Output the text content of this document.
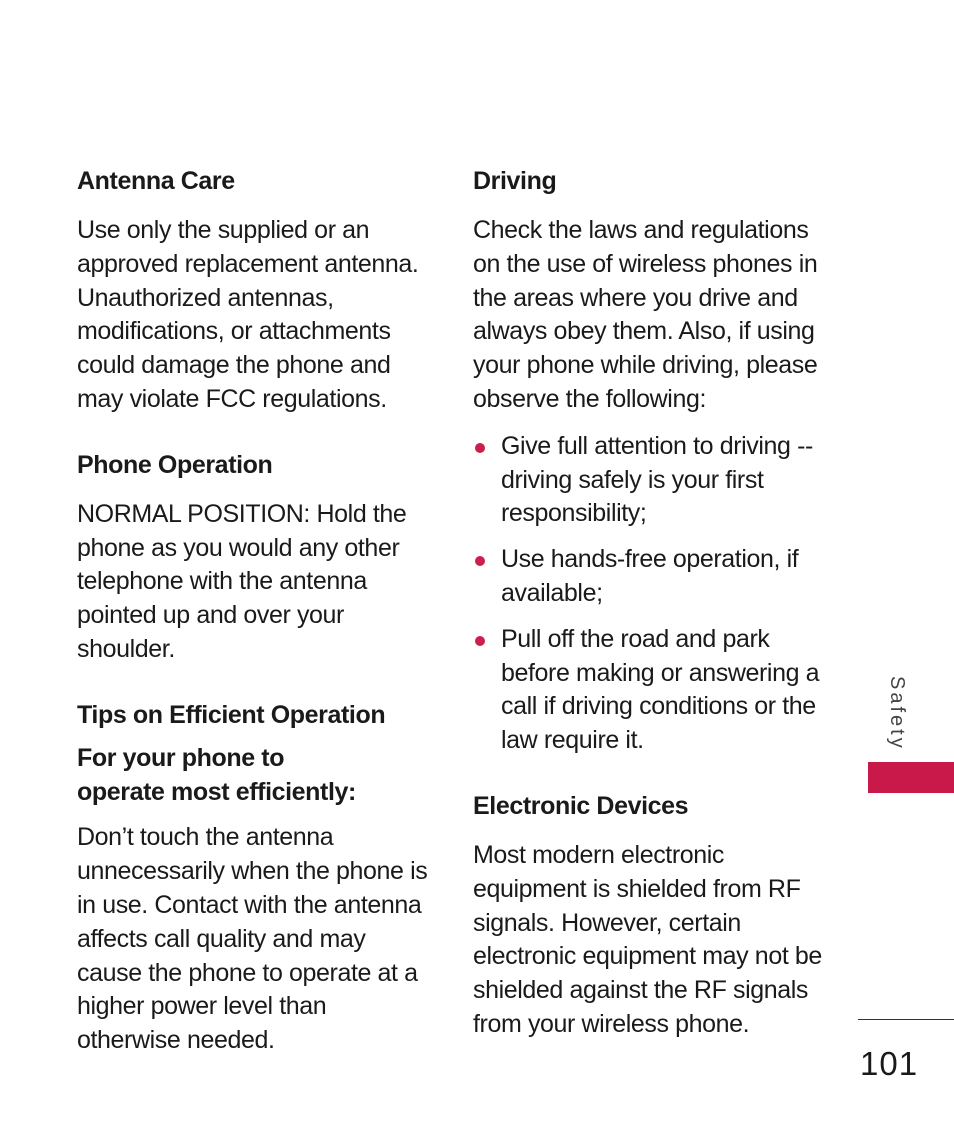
Antenna Care

Use only the supplied or an approved replacement antenna. Unauthorized antennas, modifications, or attachments could damage the phone and may violate FCC regulations.

Phone Operation

NORMAL POSITION: Hold the phone as you would any other telephone with the antenna pointed up and over your shoulder.

Tips on Efficient Operation

For your phone to operate most efficiently:

Don’t touch the antenna unnecessarily when the phone is in use. Contact with the antenna affects call quality and may cause the phone to operate at a higher power level than otherwise needed.

Driving

Check the laws and regulations on the use of wireless phones in the areas where you drive and always obey them. Also, if using your phone while driving, please observe the following:

Give full attention to driving -- driving safely is your first responsibility;
Use hands-free operation, if available;
Pull off the road and park before making or answering a call if driving conditions or the law require it.
Electronic Devices

Most modern electronic equipment is shielded from RF signals. However, certain electronic equipment may not be shielded against the RF signals from your wireless phone.

Safety
101
